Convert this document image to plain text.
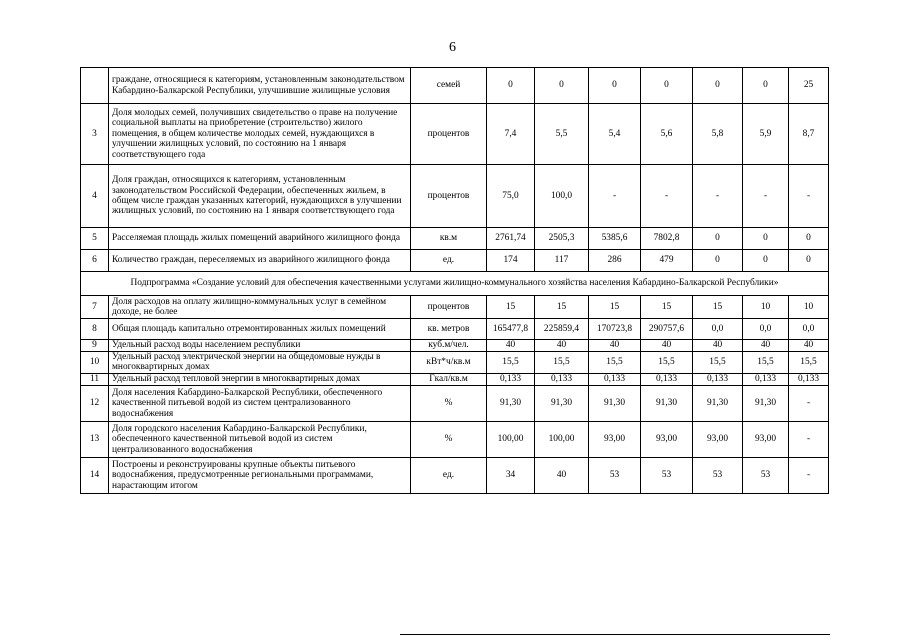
6
	граждане, относящиеся к категориям, установленным законодательством Кабардино-Балкарской Республики, улучшившие жилищные условия	семей	0	0	0	0	0	0	25
3	Доля молодых семей, получивших свидетельство о праве на получение социальной выплаты на приобретение (строительство) жилого помещения, в общем количестве молодых семей, нуждающихся в улучшении жилищных условий, по состоянию на 1 января соответствующего года	процентов	7,4	5,5	5,4	5,6	5,8	5,9	8,7
4	Доля граждан, относящихся к категориям, установленным законодательством Российской Федерации, обеспеченных жильем, в общем числе граждан указанных категорий, нуждающихся в улучшении жилищных условий, по состоянию на 1 января соответствующего года	процентов	75,0	100,0	-	-	-	-	-
5	Расселяемая площадь жилых помещений аварийного жилищного фонда	кв.м	2761,74	2505,3	5385,6	7802,8	0	0	0
6	Количество граждан, переселяемых из аварийного жилищного фонда	ед.	174	117	286	479	0	0	0
Подпрограмма «Создание условий для обеспечения качественными услугами жилищно-коммунального хозяйства населения Кабардино-Балкарской Республики»									
7	Доля расходов на оплату жилищно-коммунальных услуг в семейном доходе, не более	процентов	15	15	15	15	15	10	10
8	Общая площадь капитально отремонтированных жилых помещений	кв. метров	165477,8	225859,4	170723,8	290757,6	0,0	0,0	0,0
9	Удельный расход воды населением республики	куб.м/чел.	40	40	40	40	40	40	40
10	Удельный расход электрической энергии на общедомовые нужды в многоквартирных домах	кВт*ч/кв.м	15,5	15,5	15,5	15,5	15,5	15,5	15,5
11	Удельный расход тепловой энергии в многоквартирных домах	Гкал/кв.м	0,133	0,133	0,133	0,133	0,133	0,133	0,133
12	Доля населения Кабардино-Балкарской Республики, обеспеченного качественной питьевой водой из систем централизованного водоснабжения	%	91,30	91,30	91,30	91,30	91,30	91,30	-
13	Доля городского населения Кабардино-Балкарской Республики, обеспеченного качественной питьевой водой из систем централизованного водоснабжения	%	100,00	100,00	93,00	93,00	93,00	93,00	-
14	Построены и реконструированы крупные объекты питьевого водоснабжения, предусмотренные региональными программами, нарастающим итогом	ед.	34	40	53	53	53	53	-
